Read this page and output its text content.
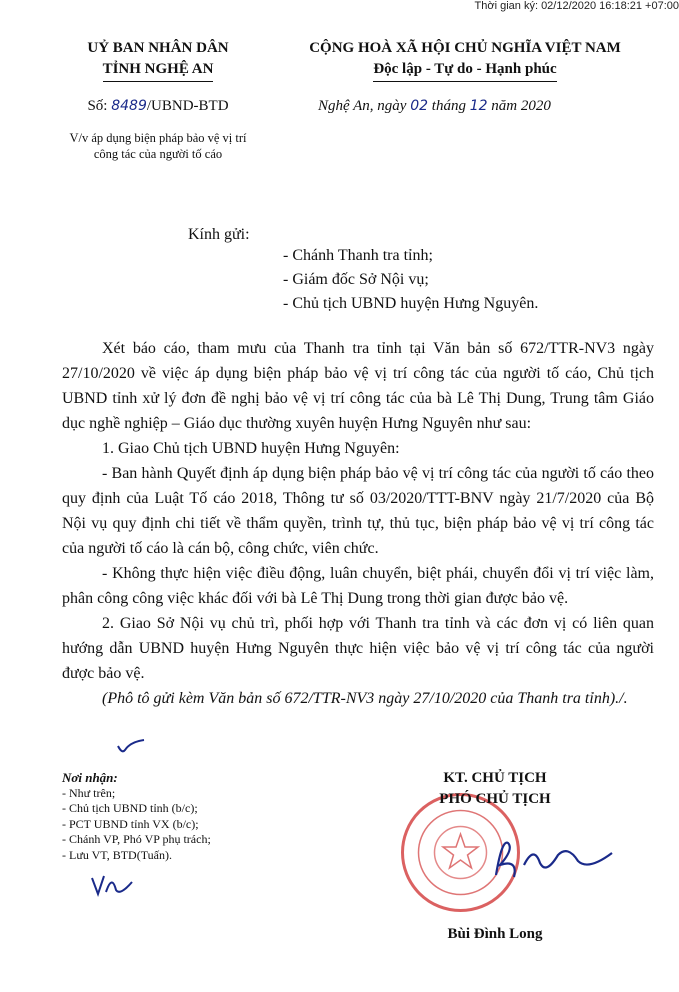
Thời gian ký: 02/12/2020 16:18:21 +07:00
UỶ BAN NHÂN DÂN
TỈNH NGHỆ AN
CỘNG HOÀ XÃ HỘI CHỦ NGHĨA VIỆT NAM
Độc lập - Tự do - Hạnh phúc
Số: 8489/UBND-BTD
V/v áp dụng biện pháp bảo vệ vị trí
công tác của người tố cáo
Nghệ An, ngày 02 tháng 12 năm 2020
Kính gửi:
- Chánh Thanh tra tỉnh;
- Giám đốc Sở Nội vụ;
- Chủ tịch UBND huyện Hưng Nguyên.

Xét báo cáo, tham mưu của Thanh tra tỉnh tại Văn bản số 672/TTR-NV3 ngày 27/10/2020 về việc áp dụng biện pháp bảo vệ vị trí công tác của người tố cáo, Chủ tịch UBND tỉnh xử lý đơn đề nghị bảo vệ vị trí công tác của bà Lê Thị Dung, Trung tâm Giáo dục nghề nghiệp – Giáo dục thường xuyên huyện Hưng Nguyên như sau:

1. Giao Chủ tịch UBND huyện Hưng Nguyên:

- Ban hành Quyết định áp dụng biện pháp bảo vệ vị trí công tác của người tố cáo theo quy định của Luật Tố cáo 2018, Thông tư số 03/2020/TTT-BNV ngày 21/7/2020 của Bộ Nội vụ quy định chi tiết về thẩm quyền, trình tự, thủ tục, biện pháp bảo vệ vị trí công tác của người tố cáo là cán bộ, công chức, viên chức.

- Không thực hiện việc điều động, luân chuyển, biệt phái, chuyển đổi vị trí việc làm, phân công công việc khác đối với bà Lê Thị Dung trong thời gian được bảo vệ.

2. Giao Sở Nội vụ chủ trì, phối hợp với Thanh tra tỉnh và các đơn vị có liên quan hướng dẫn UBND huyện Hưng Nguyên thực hiện việc bảo vệ vị trí công tác của người được bảo vệ.

(Phô tô gửi kèm Văn bản số 672/TTR-NV3 ngày 27/10/2020 của Thanh tra tỉnh)./.

Nơi nhận:
- Như trên;
- Chủ tịch UBND tỉnh (b/c);
- PCT UBND tỉnh VX (b/c);
- Chánh VP, Phó VP phụ trách;
- Lưu VT, BTD(Tuấn).
KT. CHỦ TỊCH
PHÓ CHỦ TỊCH
Bùi Đình Long
